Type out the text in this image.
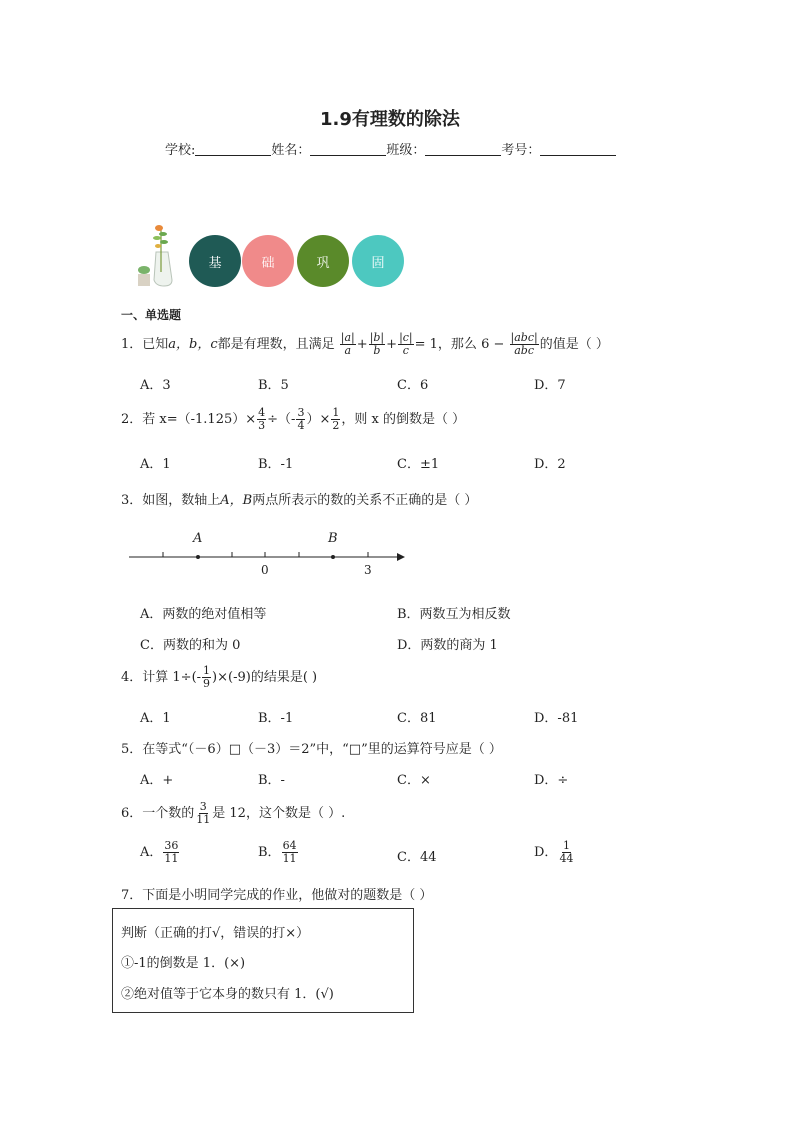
1.9有理数的除法
学校:	姓名：	班级：	考号：
基	础	巩	固
一、单选题
1．已知a，b，c都是有理数，且满足 $\frac{|a|}{a} + \frac{|b|}{b} + \frac{|c|}{c} = 1$，那么 $6 - \frac{\text{|abc|}}{\text{abc}}$ 的值是（ ）
A．3	B．5	C．6	D．7
2．若 $x=(-1.125)\times \frac{4}{3}$ ÷（- $\frac{3}{4}$ ）× $\frac{1}{2}$ ，则 x 的倒数是（ ）
A．1	B．-1	C．±1	D．2
3．如图，数轴上A，B两点所表示的数的关系不正确的是（ ）
A	B
0	3
A．两数的绝对值相等	B．两数互为相反数
C．两数的和为 0	D．两数的商为 1
4．计算 $1\div(- \frac{1}{9} )\times(-9)$的结果是( )
A．1	B．-1	C．81	D．-81
5．在等式“（－6）□（－3）＝2”中，“□”里的运算符号应是（ ）
A．+	B．-	C．×	D．÷
6．一个数的 $\frac{3}{11}$ 是 12，这个数是（ ）.
A． $\frac{36}{11}$	B． $\frac{64}{11}$	C．44	D． $\frac{1}{44}$
7．下面是小明同学完成的作业，他做对的题数是（ ）
判断（正确的打√，错误的打×）
①-1的倒数是 1．(×)
②绝对值等于它本身的数只有 1．(√)
